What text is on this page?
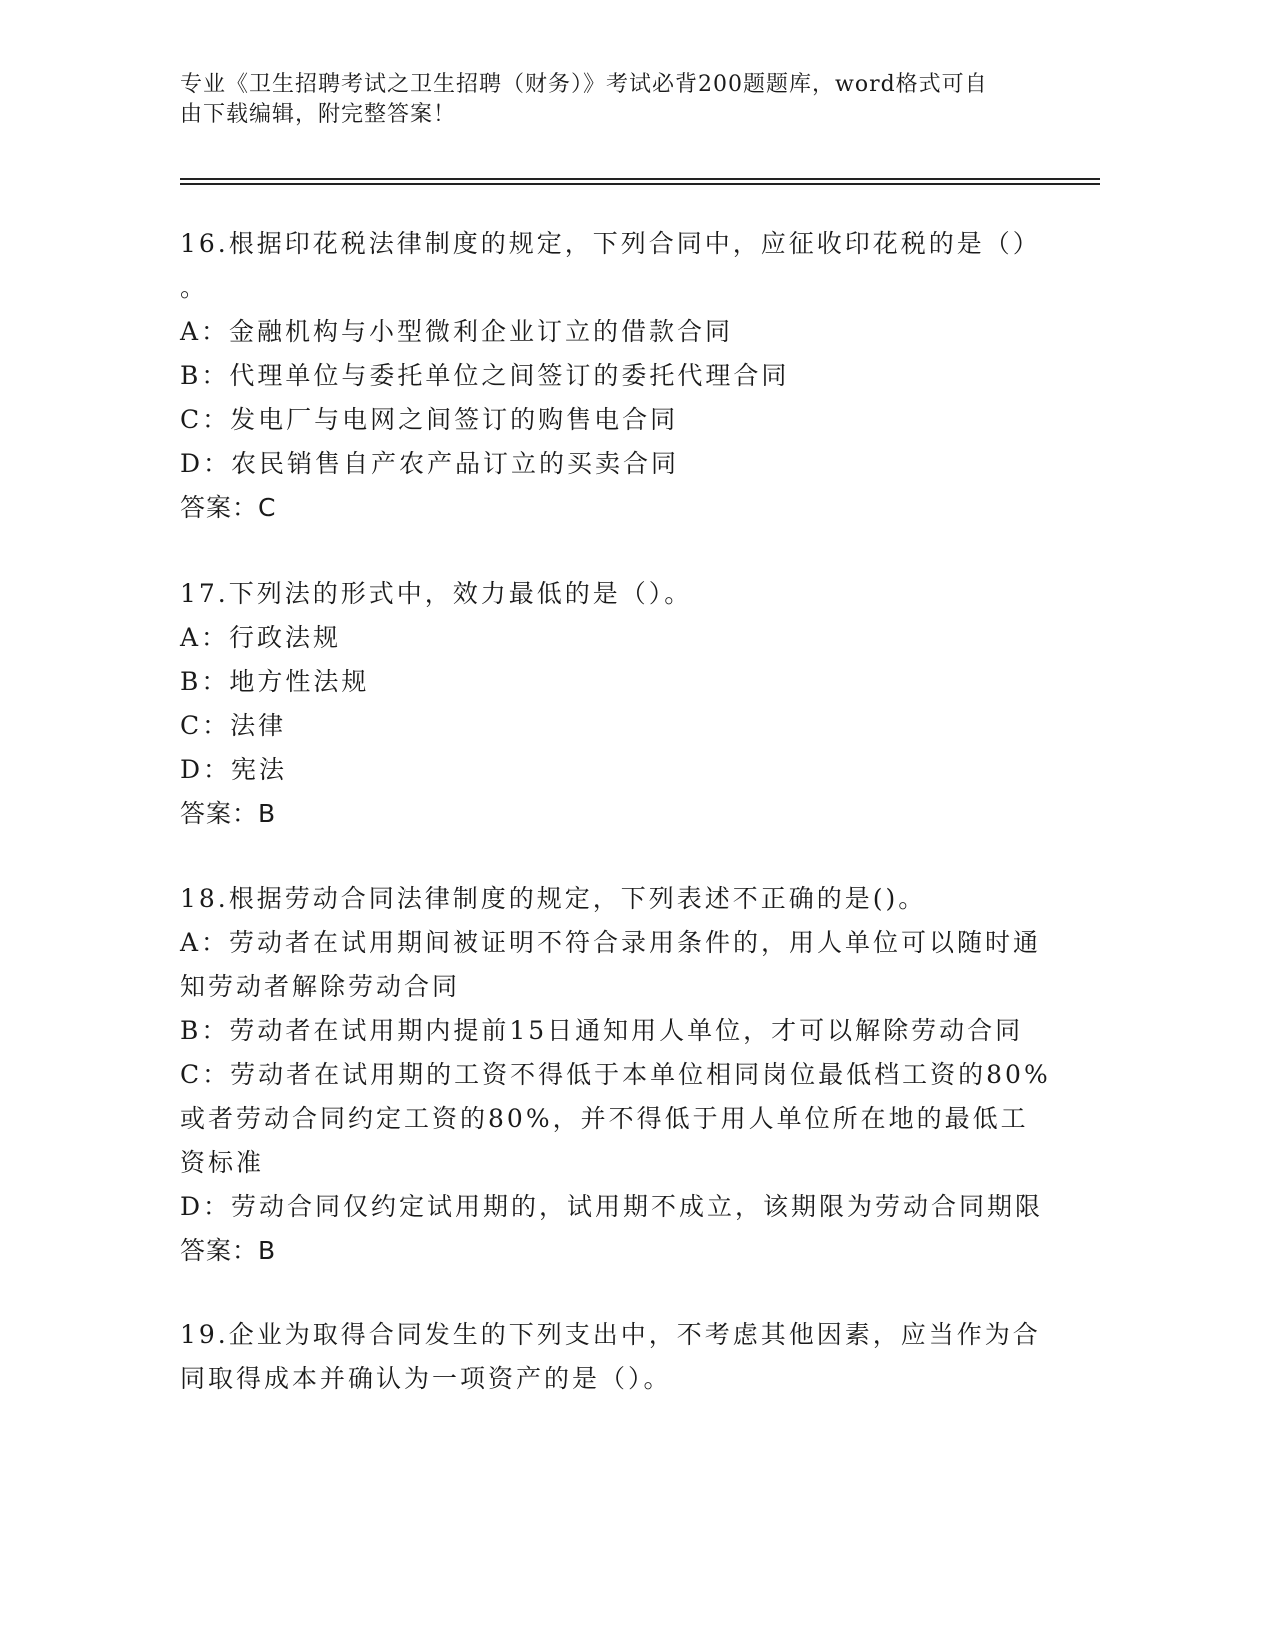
专业《卫生招聘考试之卫生招聘（财务）》考试必背200题题库，word格式可自
由下载编辑，附完整答案！
16.根据印花税法律制度的规定，下列合同中，应征收印花税的是（）
。
A：金融机构与小型微利企业订立的借款合同
B：代理单位与委托单位之间签订的委托代理合同
C：发电厂与电网之间签订的购售电合同
D：农民销售自产农产品订立的买卖合同
答案：C
17.下列法的形式中，效力最低的是（）。
A：行政法规
B：地方性法规
C：法律
D：宪法
答案：B
18.根据劳动合同法律制度的规定，下列表述不正确的是()。
A：劳动者在试用期间被证明不符合录用条件的，用人单位可以随时通
知劳动者解除劳动合同
B：劳动者在试用期内提前15日通知用人单位，才可以解除劳动合同
C：劳动者在试用期的工资不得低于本单位相同岗位最低档工资的80%
或者劳动合同约定工资的80%，并不得低于用人单位所在地的最低工
资标准
D：劳动合同仅约定试用期的，试用期不成立，该期限为劳动合同期限
答案：B
19.企业为取得合同发生的下列支出中，不考虑其他因素，应当作为合
同取得成本并确认为一项资产的是（）。
